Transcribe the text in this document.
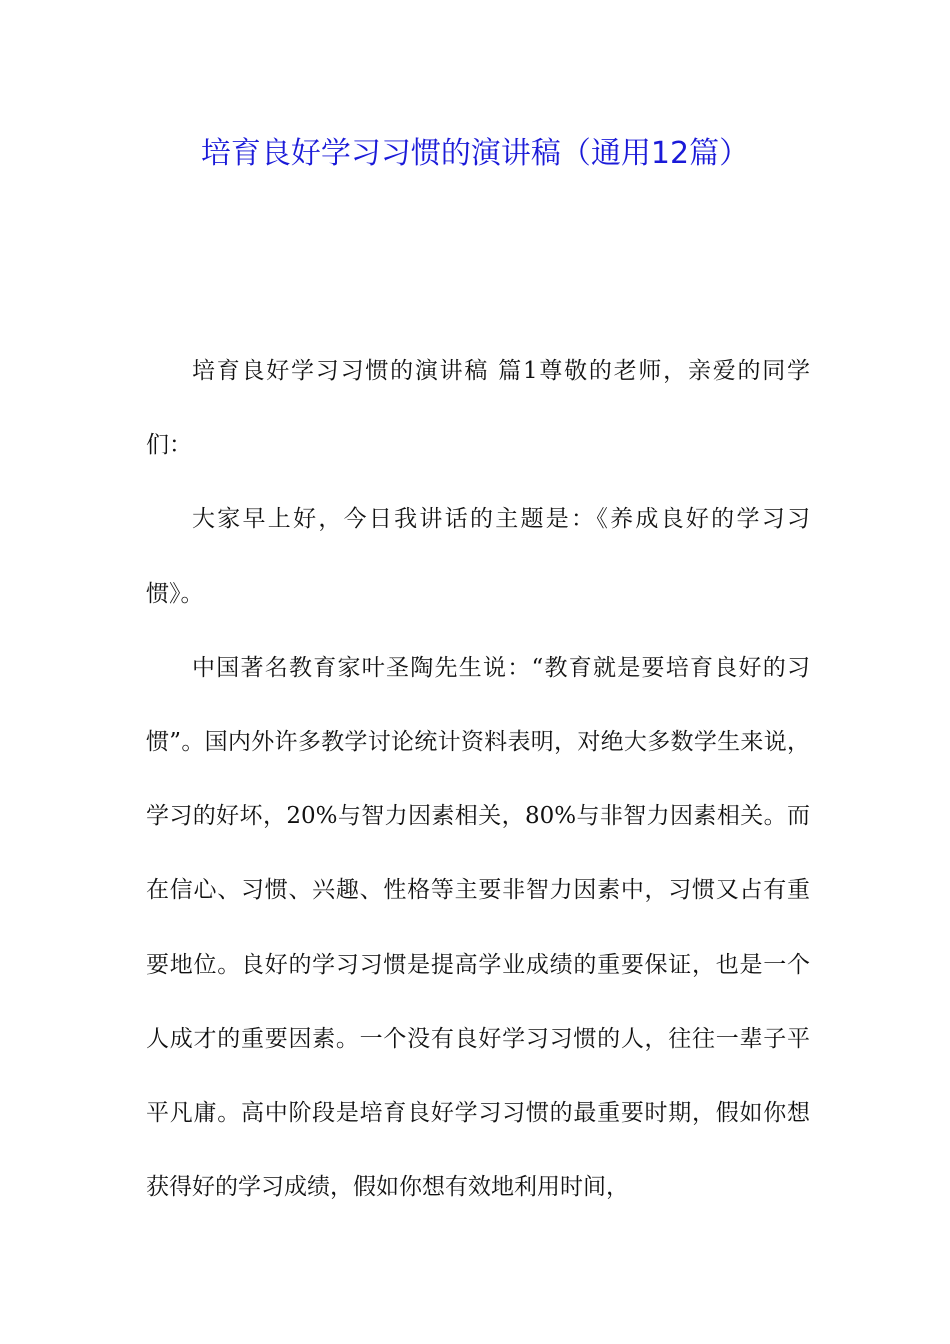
培育良好学习习惯的演讲稿（通用12篇）

培育良好学习习惯的演讲稿 篇1尊敬的老师，亲爱的同学们：

大家早上好，今日我讲话的主题是：《养成良好的学习习惯》。

中国著名教育家叶圣陶先生说：“教育就是要培育良好的习惯”。国内外许多教学讨论统计资料表明，对绝大多数学生来说，学习的好坏，20%与智力因素相关，80%与非智力因素相关。而在信心、习惯、兴趣、性格等主要非智力因素中，习惯又占有重要地位。良好的学习习惯是提高学业成绩的重要保证，也是一个人成才的重要因素。一个没有良好学习习惯的人，往往一辈子平平凡庸。高中阶段是培育良好学习习惯的最重要时期，假如你想获得好的学习成绩，假如你想有效地利用时间，
